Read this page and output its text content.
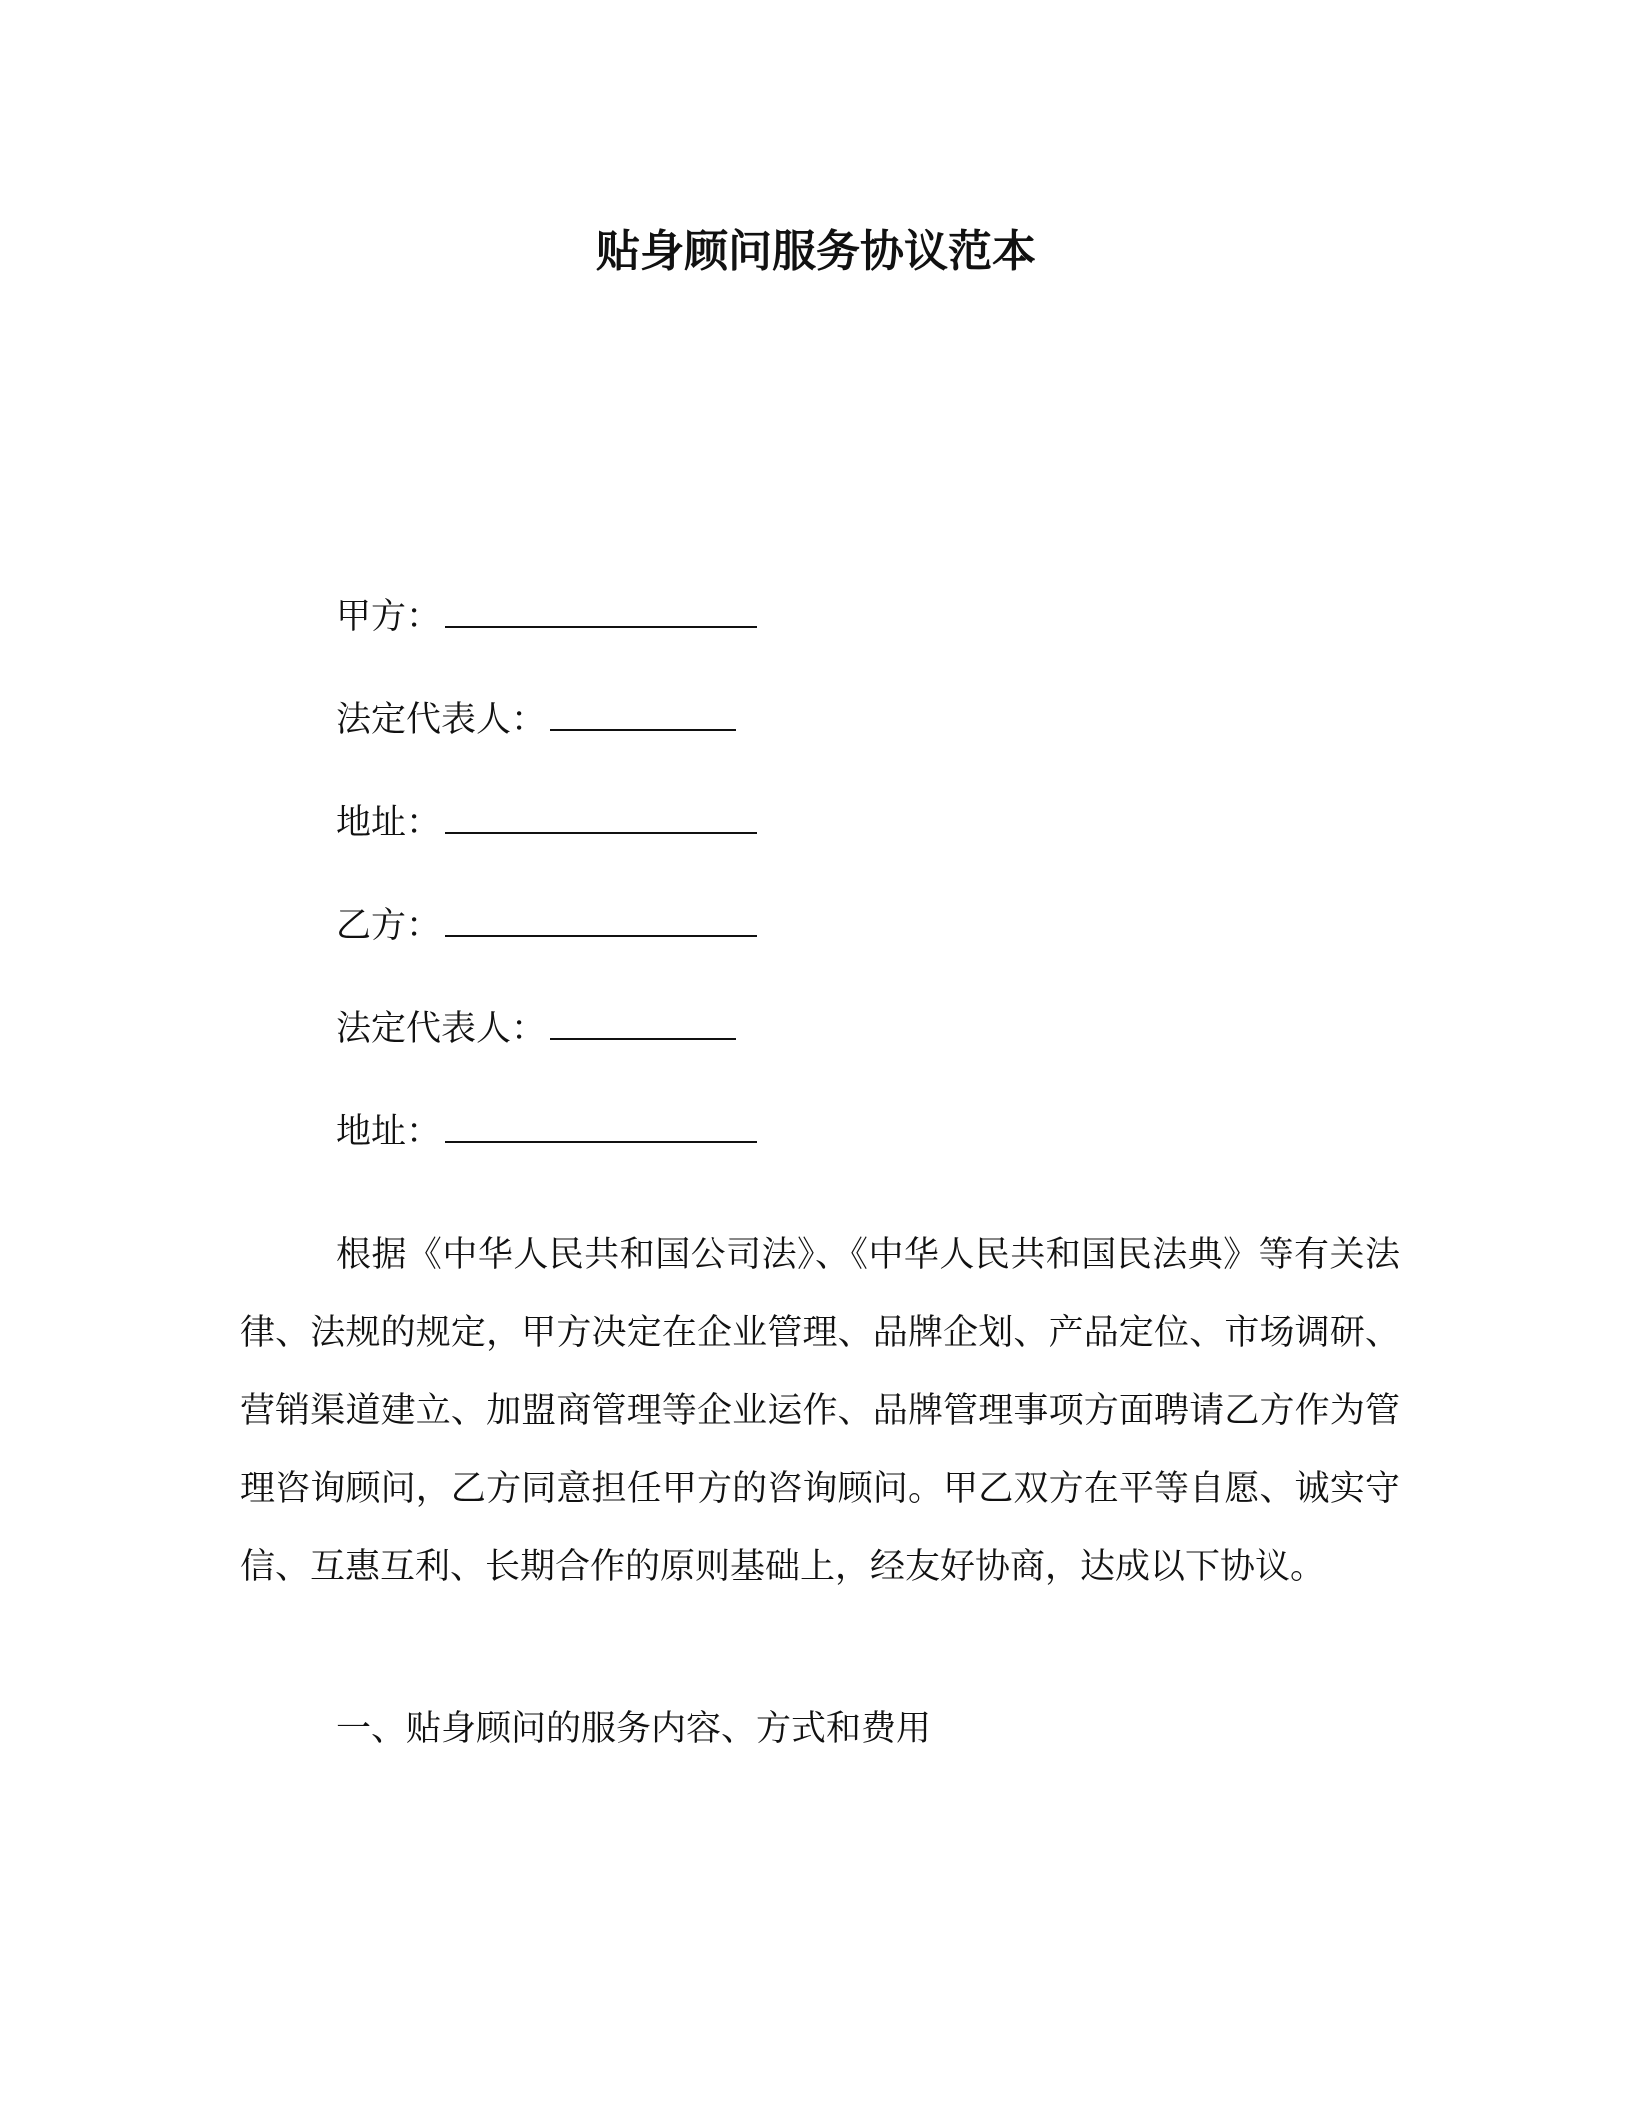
贴身顾问服务协议范本
甲方：
法定代表人：
地址：
乙方：
法定代表人：
地址：

根据《中华人民共和国公司法》、《中华人民共和国民法典》等有关法律、法规的规定，甲方决定在企业管理、品牌企划、产品定位、市场调研、营销渠道建立、加盟商管理等企业运作、品牌管理事项方面聘请乙方作为管理咨询顾问，乙方同意担任甲方的咨询顾问。甲乙双方在平等自愿、诚实守信、互惠互利、长期合作的原则基础上，经友好协商，达成以下协议。

一、贴身顾问的服务内容、方式和费用
